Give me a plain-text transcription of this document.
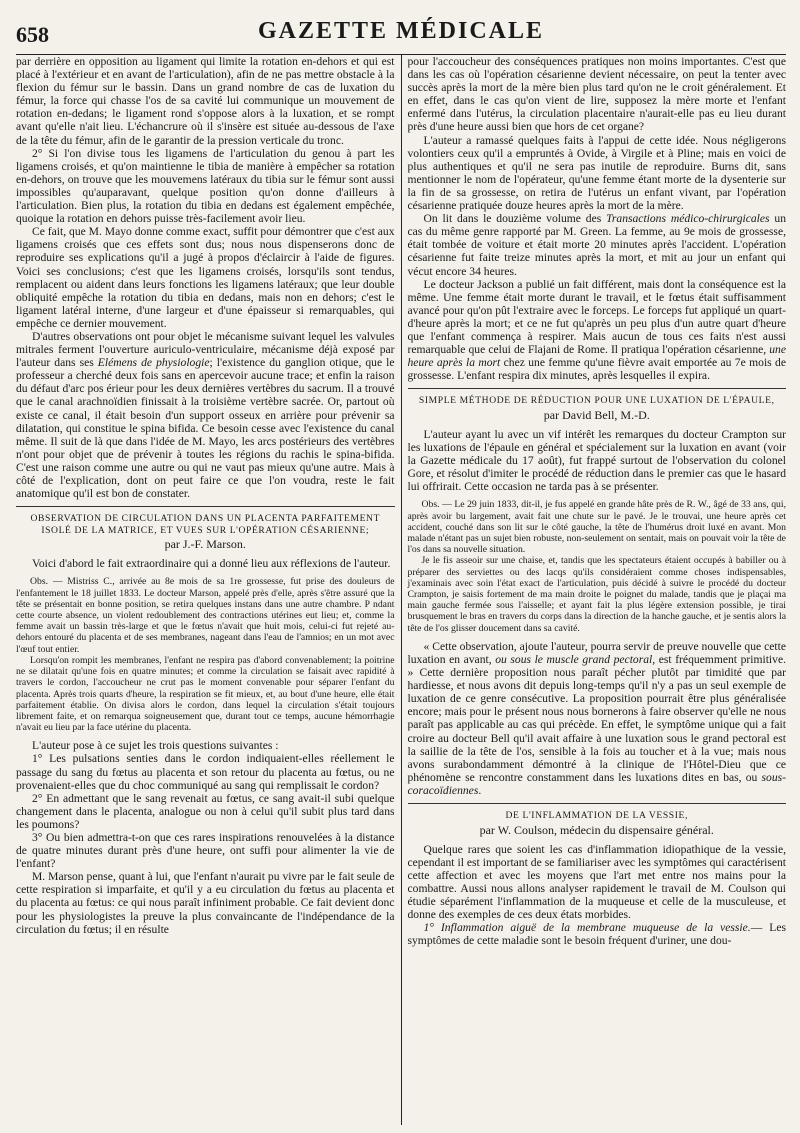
658	GAZETTE MÉDICALE

par derrière en opposition au ligament qui limite la rotation en-dehors et qui est placé à l'extérieur et en avant de l'articulation), afin de ne pas mettre obstacle à la flexion du fémur sur le bassin. Dans un grand nombre de cas de luxation du fémur, la force qui chasse l'os de sa cavité lui communique un mouvement de rotation en-dedans; le ligament rond s'oppose alors à la luxation, et se rompt avant qu'elle n'ait lieu. L'échancrure où il s'insère est située au-dessous de l'axe de la tête du fémur, afin de le garantir de la pression verticale du tronc.

2° Si l'on divise tous les ligamens de l'articulation du genou à part les ligamens croisés, et qu'on maintienne le tibia de manière à empêcher sa rotation en-dehors, on trouve que les mouvemens latéraux du tibia sur le fémur sont aussi impossibles qu'auparavant, quelque position qu'on donne d'ailleurs à l'articulation. Bien plus, la rotation du tibia en dedans est également empêchée, quoique la rotation en dehors puisse très-facilement avoir lieu.

Ce fait, que M. Mayo donne comme exact, suffit pour démontrer que c'est aux ligamens croisés que ces effets sont dus; nous nous dispenserons donc de reproduire ses explications qu'il a jugé à propos d'éclaircir à l'aide de figures. Voici ses conclusions; c'est que les ligamens croisés, lorsqu'ils sont tendus, remplacent ou aident dans leurs fonctions les ligamens latéraux; que leur double obliquité empêche la rotation du tibia en dedans, mais non en dehors; c'est le ligament latéral interne, d'une largeur et d'une épaisseur si remarquables, qui empêche ce dernier mouvement.

D'autres observations ont pour objet le mécanisme suivant lequel les valvules mitrales ferment l'ouverture auriculo-ventriculaire, mécanisme déjà exposé par l'auteur dans ses Elémens de physiologie; l'existence du ganglion otique, que le professeur a cherché deux fois sans en apercevoir aucune trace; et enfin la raison du défaut d'arc pos érieur pour les deux dernières vertèbres du sacrum. Il a trouvé que le canal arachnoïdien finissait à la troisième vertèbre sacrée. Or, partout où existe ce canal, il était besoin d'un support osseux en arrière pour prévenir sa dilatation, qui constitue le spina bifida. Ce besoin cesse avec l'existence du canal même. Il suit de là que dans l'idée de M. Mayo, les arcs postérieurs des vertèbres n'ont pour objet que de prévenir à toutes les régions du rachis le spina-bifida. C'est une raison comme une autre ou qui ne vaut pas mieux qu'une autre. Mais à côté de l'explication, dont on peut faire ce que l'on voudra, reste le fait anatomique qu'il est bon de constater.

OBSERVATION DE CIRCULATION DANS UN PLACENTA PARFAITEMENT ISOLÉ DE LA MATRICE, ET VUES SUR L'OPÉRATION CÉSARIENNE;
par J.-F. Marson.

Voici d'abord le fait extraordinaire qui a donné lieu aux réflexions de l'auteur.

Obs. — Mistriss C., arrivée au 8e mois de sa 1re grossesse, fut prise des douleurs de l'enfantement le 18 juillet 1833. Le docteur Marson, appelé près d'elle, après s'être assuré que la tête se présentait en bonne position, se retira quelques instans dans une autre chambre. P ndant cette courte absence, un violent redoublement des contractions utérines eut lieu; et, comme la femme avait un bassin très-large et que le fœtus n'avait que huit mois, celui-ci fut rejeté au-dehors entouré du placenta et de ses membranes, nageant dans l'eau de l'amnios; en un mot avec l'œuf tout entier.

Lorsqu'on rompit les membranes, l'enfant ne respira pas d'abord convenablement; la poitrine ne se dilatait qu'une fois en quatre minutes; et comme la circulation se faisait avec rapidité à travers le cordon, l'accoucheur ne crut pas le moment convenable pour séparer l'enfant du placenta. Après trois quarts d'heure, la respiration se fit mieux, et, au bout d'une heure, elle était parfaitement établie. On divisa alors le cordon, dans lequel la circulation s'était toujours librement faite, et on remarqua soigneusement que, durant tout ce temps, aucune hémorrhagie n'avait eu lieu par la face utérine du placenta.

L'auteur pose à ce sujet les trois questions suivantes :

1° Les pulsations senties dans le cordon indiquaient-elles réellement le passage du sang du fœtus au placenta et son retour du placenta au fœtus, ou ne provenaient-elles que du choc communiqué au sang qui remplissait le cordon?

2° En admettant que le sang revenait au fœtus, ce sang avait-il subi quelque changement dans le placenta, analogue ou non à celui qu'il subit plus tard dans les poumons?

3° Ou bien admettra-t-on que ces rares inspirations renouvelées à la distance de quatre minutes durant près d'une heure, ont suffi pour alimenter la vie de l'enfant?

M. Marson pense, quant à lui, que l'enfant n'aurait pu vivre par le fait seule de cette respiration si imparfaite, et qu'il y a eu circulation du fœtus au placenta et du placenta au fœtus: ce qui nous paraît infiniment probable. Ce fait devient donc pour les physiologistes la preuve la plus convaincante de l'indépendance de la circulation du fœtus; il en résulte

pour l'accoucheur des conséquences pratiques non moins importantes. C'est que dans les cas où l'opération césarienne devient nécessaire, on peut la tenter avec succès après la mort de la mère bien plus tard qu'on ne le croit généralement. Et en effet, dans le cas qu'on vient de lire, supposez la mère morte et l'enfant enfermé dans l'utérus, la circulation placentaire n'aurait-elle pas eu lieu durant près d'une heure aussi bien que hors de cet organe?

L'auteur a ramassé quelques faits à l'appui de cette idée. Nous négligerons volontiers ceux qu'il a empruntés à Ovide, à Virgile et à Pline; mais en voici de plus authentiques et qu'il ne sera pas inutile de reproduire. Burns dit, sans mentionner le nom de l'opérateur, qu'une femme étant morte de la dysenterie sur la fin de sa grossesse, on retira de l'utérus un enfant vivant, par l'opération césarienne pratiquée douze heures après la mort de la mère.

On lit dans le douzième volume des Transactions médico-chirurgicales un cas du même genre rapporté par M. Green. La femme, au 9e mois de grossesse, était tombée de voiture et était morte 20 minutes après l'accident. L'opération césarienne fut faite treize minutes après la mort, et mit au jour un enfant qui vécut encore 34 heures.

Le docteur Jackson a publié un fait différent, mais dont la conséquence est la même. Une femme était morte durant le travail, et le fœtus était suffisamment avancé pour qu'on pût l'extraire avec le forceps. Le forceps fut appliqué un quart-d'heure après la mort; et ce ne fut qu'après un peu plus d'un autre quart d'heure que l'enfant commença à respirer. Mais aucun de tous ces faits n'est aussi remarquable que celui de Flajani de Rome. Il pratiqua l'opération césarienne, une heure après la mort chez une femme qu'une fièvre avait emportée au 7e mois de grossesse. L'enfant respira dix minutes, après lesquelles il expira.

SIMPLE MÉTHODE DE RÉDUCTION POUR UNE LUXATION DE L'ÉPAULE,
par David Bell, M.-D.

L'auteur ayant lu avec un vif intérêt les remarques du docteur Crampton sur les luxations de l'épaule en général et spécialement sur la luxation en avant (voir la Gazette médicale du 17 août), fut frappé surtout de l'observation du colonel Gore, et résolut d'imiter le procédé de réduction dans le premier cas que le hasard lui offrirait. Cette occasion ne tarda pas à se présenter.

Obs. — Le 29 juin 1833, dit-il, je fus appelé en grande hâte près de R. W., âgé de 33 ans, qui, après avoir bu largement, avait fait une chute sur le pavé. Je le trouvai, une heure après cet accident, couché dans son lit sur le côté gauche, la tête de l'humérus droit luxé en avant. Mon malade n'étant pas un sujet bien robuste, non-seulement on sentait, mais on pouvait voir la tête de l'os dans sa nouvelle situation.

Je le fis asseoir sur une chaise, et, tandis que les spectateurs étaient occupés à babiller ou à préparer des serviettes ou des lacqs qu'ils considéraient comme choses indispensables, j'examinais avec soin l'état exact de l'articulation, puis décidé à suivre le procédé du docteur Crampton, je saisis fortement de ma main droite le poignet du malade, tandis que je plaçai ma main gauche fermée sous l'aisselle; et ayant fait la plus légère extension possible, je tirai brusquement le bras en travers du corps dans la direction de la hanche gauche, et je sentis alors la tête de l'os glisser doucement dans sa cavité.

« Cette observation, ajoute l'auteur, pourra servir de preuve nouvelle que cette luxation en avant, ou sous le muscle grand pectoral, est fréquemment primitive. » Cette dernière proposition nous paraît pécher plutôt par timidité que par hardiesse, et nous avons dit depuis long-temps qu'il n'y a pas un seul exemple de luxation de ce genre consécutive. La proposition pourrait être plus généralisée encore; mais pour le présent nous nous bornerons à faire observer qu'elle ne nous paraît pas applicable au cas qui précède. En effet, le symptôme unique qui a fait croire au docteur Bell qu'il avait affaire à une luxation sous le grand pectoral est la saillie de la tête de l'os, sensible à la fois au toucher et à la vue; mais nous avons surabondamment démontré à la clinique de l'Hôtel-Dieu que ce phénomène se rencontre constamment dans les luxations dites en bas, ou sous-coracoïdiennes.

DE L'INFLAMMATION DE LA VESSIE,
par W. Coulson, médecin du dispensaire général.

Quelque rares que soient les cas d'inflammation idiopathique de la vessie, cependant il est important de se familiariser avec les symptômes qui caractérisent cette affection et avec les moyens que l'art met entre nos mains pour la combattre. Aussi nous allons analyser rapidement le travail de M. Coulson qui étudie séparément l'inflammation de la muqueuse et celle de la musculeuse, et donne des exemples de ces deux états morbides.

1° Inflammation aiguë de la membrane muqueuse de la vessie.— Les symptômes de cette maladie sont le besoin fréquent d'uriner, une dou-
